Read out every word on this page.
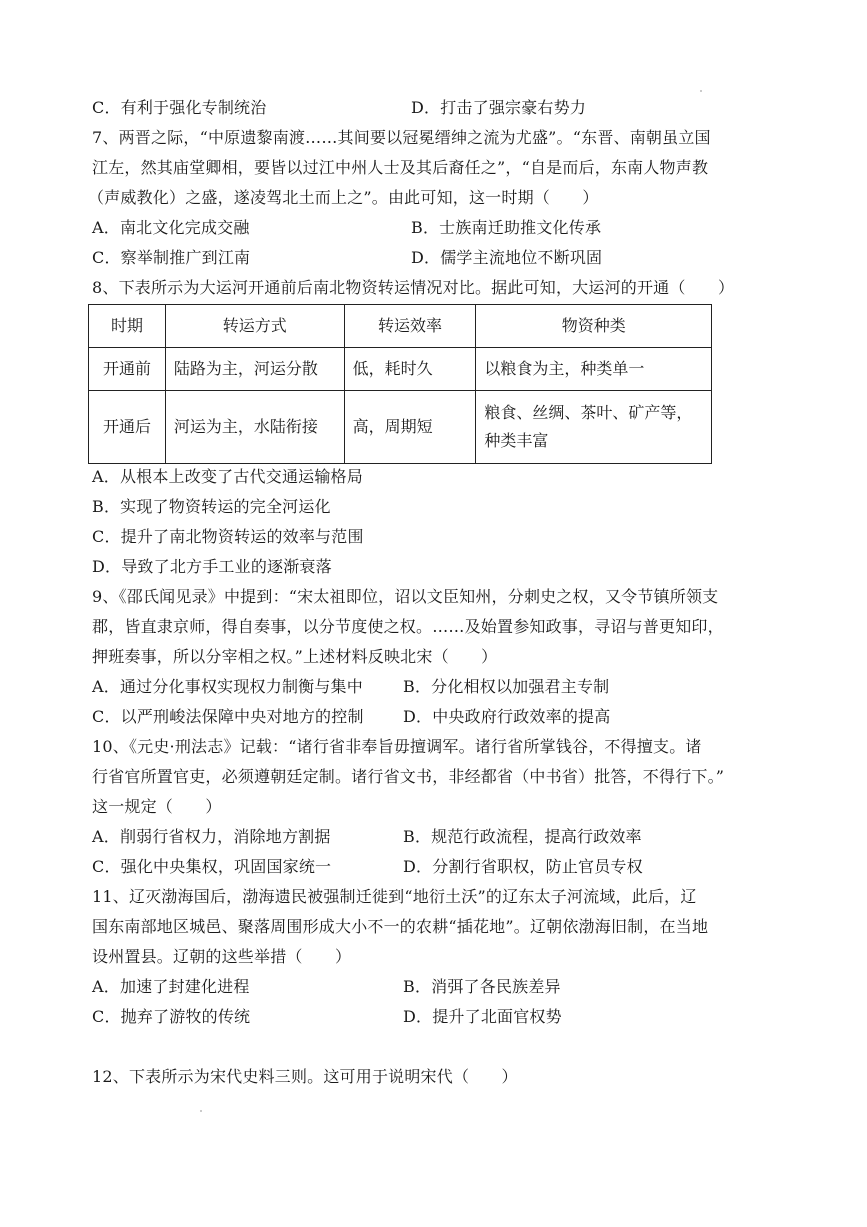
C．有利于强化专制统治	D．打击了强宗豪右势力
7、两晋之际，“中原遗黎南渡……其间要以冠冕缙绅之流为尤盛”。“东晋、南朝虽立国
江左，然其庙堂卿相，要皆以过江中州人士及其后裔任之”，“自是而后，东南人物声教
（声威教化）之盛，遂凌驾北土而上之”。由此可知，这一时期（　　）
A．南北文化完成交融	B．士族南迁助推文化传承
C．察举制推广到江南	D．儒学主流地位不断巩固
8、下表所示为大运河开通前后南北物资转运情况对比。据此可知，大运河的开通（　　）
时期	转运方式	转运效率	物资种类
开通前	陆路为主，河运分散	低，耗时久	以粮食为主，种类单一
开通后	河运为主，水陆衔接	高，周期短	粮食、丝绸、茶叶、矿产等，
种类丰富
A．从根本上改变了古代交通运输格局
B．实现了物资转运的完全河运化
C．提升了南北物资转运的效率与范围
D．导致了北方手工业的逐渐衰落
9、《邵氏闻见录》中提到：“宋太祖即位，诏以文臣知州，分刺史之权，又令节镇所领支
郡，皆直隶京师，得自奏事，以分节度使之权。……及始置参知政事，寻诏与普更知印，
押班奏事，所以分宰相之权。”上述材料反映北宋（　　）
A．通过分化事权实现权力制衡与集中	B．分化相权以加强君主专制
C．以严刑峻法保障中央对地方的控制 D．中央政府行政效率的提高
10、《元史·刑法志》记载：“诸行省非奉旨毋擅调军。诸行省所掌钱谷，不得擅支。诸
行省官所置官吏，必须遵朝廷定制。诸行省文书，非经都省（中书省）批答，不得行下。”
这一规定（　　）
A．削弱行省权力，消除地方割据	B．规范行政流程，提高行政效率
C．强化中央集权，巩固国家统一	D．分割行省职权，防止官员专权
11、辽灭渤海国后，渤海遗民被强制迁徙到“地衍土沃”的辽东太子河流域，此后，辽
国东南部地区城邑、聚落周围形成大小不一的农耕“插花地”。辽朝依渤海旧制，在当地
设州置县。辽朝的这些举措（　　）
A．加速了封建化进程	B．消弭了各民族差异
C．抛弃了游牧的传统	D．提升了北面官权势
12、下表所示为宋代史料三则。这可用于说明宋代（　　）
